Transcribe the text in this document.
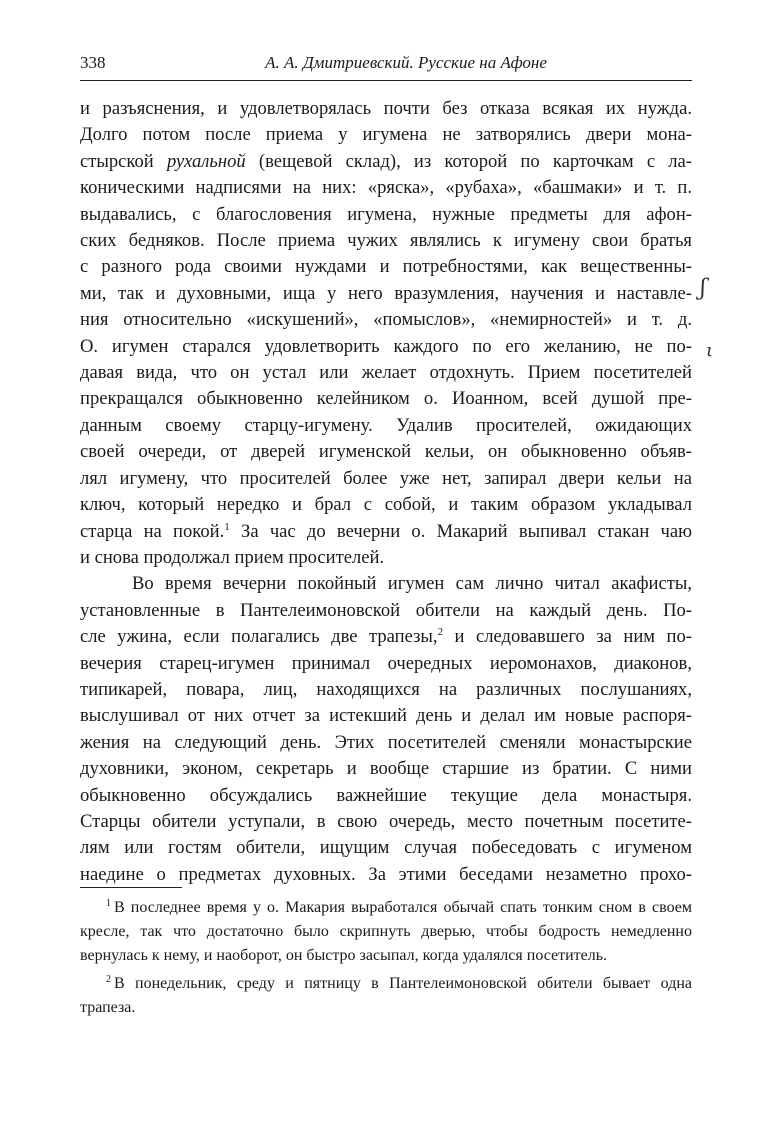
338	А. А. Дмитриевский. Русские на Афоне

и разъяснения, и удовлетворялась почти без отказа всякая их нужда.
Долго потом после приема у игумена не затворялись двери мона-
стырской рухальной (вещевой склад), из которой по карточкам с ла-
коническими надписями на них: «ряска», «рубаха», «башмаки» и т. п.
выдавались, с благословения игумена, нужные предметы для афон-
ских бедняков. После приема чужих являлись к игумену свои братья
с разного рода своими нуждами и потребностями, как вещественны-
ми, так и духовными, ища у него вразумления, научения и наставле-
ния относительно «искушений», «помыслов», «немирностей» и т. д.
О. игумен старался удовлетворить каждого по его желанию, не по-
давая вида, что он устал или желает отдохнуть. Прием посетителей
прекращался обыкновенно келейником о. Иоанном, всей душой пре-
данным своему старцу-игумену. Удалив просителей, ожидающих
своей очереди, от дверей игуменской кельи, он обыкновенно объяв-
лял игумену, что просителей более уже нет, запирал двери кельи на
ключ, который нередко и брал с собой, и таким образом укладывал
старца на покой.$^1$ За час до вечерни о. Макарий выпивал стакан чаю
и снова продолжал прием просителей.

Во время вечерни покойный игумен сам лично читал акафисты,
установленные в Пантелеимоновской обители на каждый день. По-
сле ужина, если полагались две трапезы,$^2$ и следовавшего за ним по-
вечерия старец-игумен принимал очередных иеромонахов, диаконов,
типикарей, повара, лиц, находящихся на различных послушаниях,
выслушивал от них отчет за истекший день и делал им новые распоря-
жения на следующий день. Этих посетителей сменяли монастырские
духовники, эконом, секретарь и вообще старшие из братии. С ними
обыкновенно обсуждались важнейшие текущие дела монастыря.
Старцы обители уступали, в свою очередь, место почетным посетите-
лям или гостям обители, ищущим случая побеседовать с игуменом
наедине о предметах духовных. За этими беседами незаметно прохо-

ʃ
ι

$^1$ В последнее время у о. Макария выработался обычай спать тонким сном в своем кресле, так что достаточно было скрипнуть дверью, чтобы бодрость немедленно вернулась к нему, и наоборот, он быстро засыпал, когда удалялся посетитель.

$^2$ В понедельник, среду и пятницу в Пантелеимоновской обители бывает одна трапеза.
